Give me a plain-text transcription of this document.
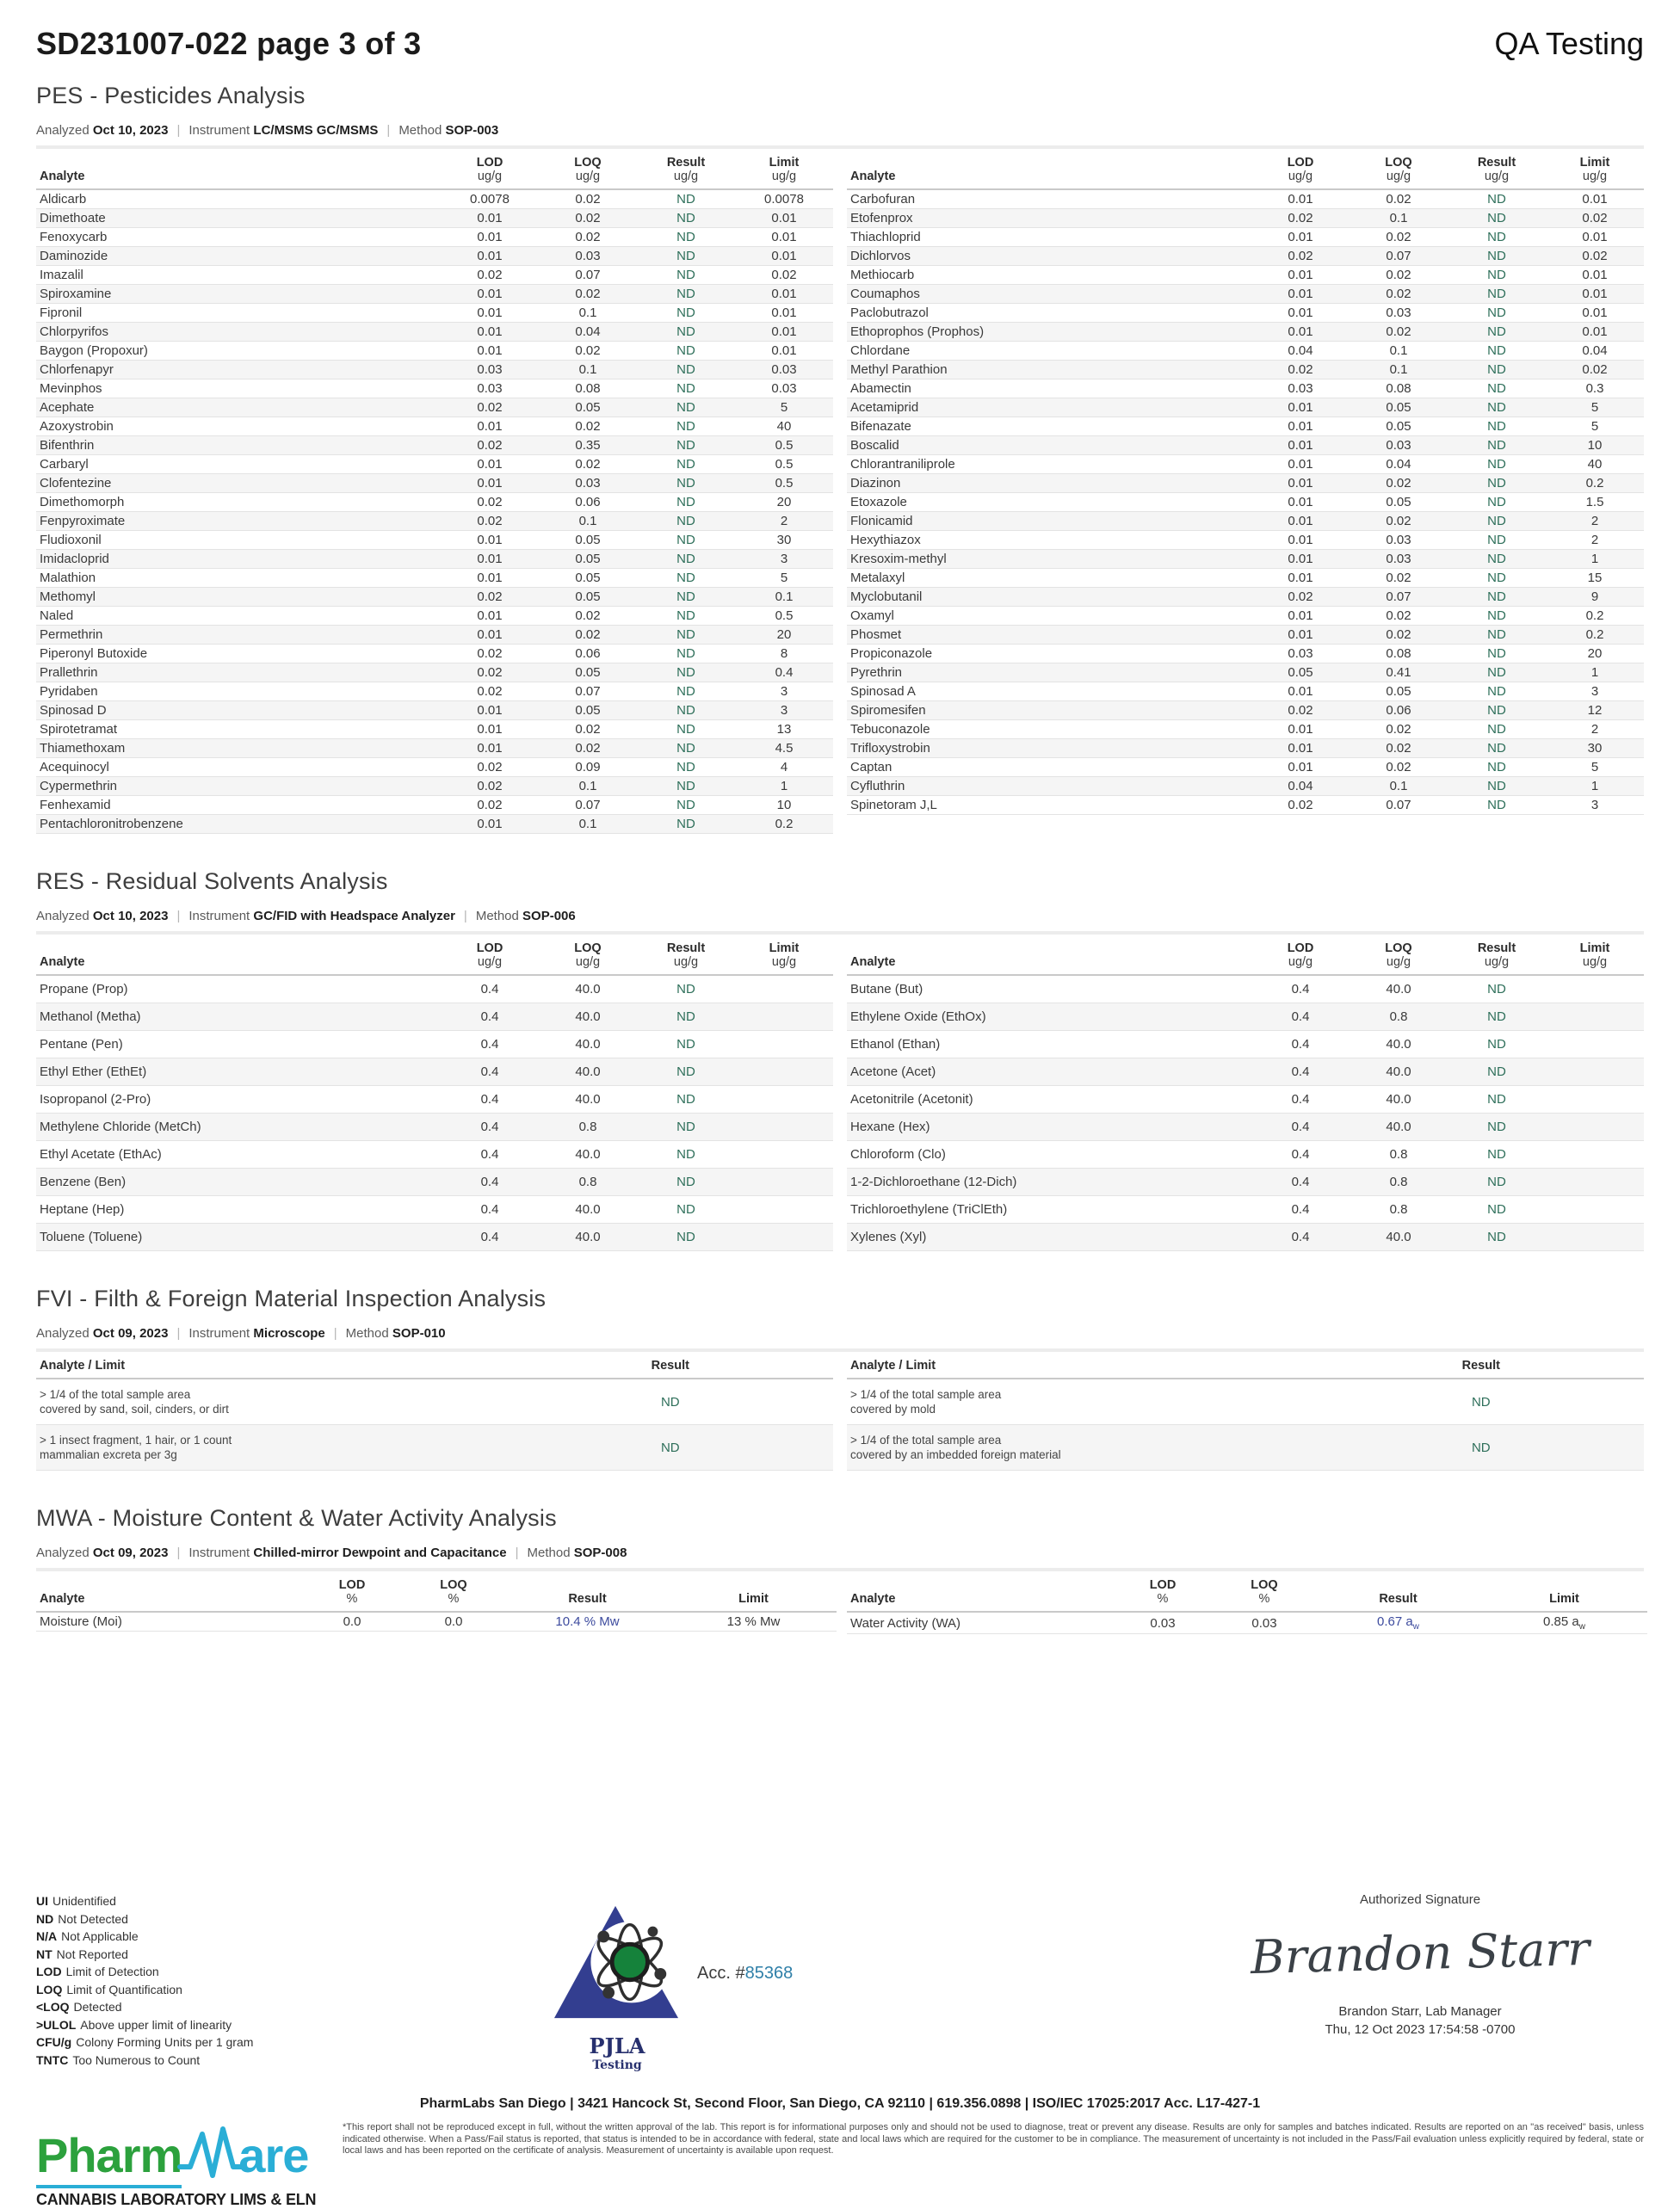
SD231007-022 page 3 of 3	QA Testing
PES - Pesticides Analysis
Analyzed Oct 10, 2023 | Instrument LC/MSMS GC/MSMS | Method SOP-003
Analyte	
LOD
ug/g

LOQ
ug/g

Result
ug/g

Limit
ug/g

Aldicarb	0.0078	0.02	ND	0.0078
Dimethoate	0.01	0.02	ND	0.01
Fenoxycarb	0.01	0.02	ND	0.01
Daminozide	0.01	0.03	ND	0.01
Imazalil	0.02	0.07	ND	0.02
Spiroxamine	0.01	0.02	ND	0.01
Fipronil	0.01	0.1	ND	0.01
Chlorpyrifos	0.01	0.04	ND	0.01
Baygon (Propoxur)	0.01	0.02	ND	0.01
Chlorfenapyr	0.03	0.1	ND	0.03
Mevinphos	0.03	0.08	ND	0.03
Acephate	0.02	0.05	ND	5
Azoxystrobin	0.01	0.02	ND	40
Bifenthrin	0.02	0.35	ND	0.5
Carbaryl	0.01	0.02	ND	0.5
Clofentezine	0.01	0.03	ND	0.5
Dimethomorph	0.02	0.06	ND	20
Fenpyroximate	0.02	0.1	ND	2
Fludioxonil	0.01	0.05	ND	30
Imidacloprid	0.01	0.05	ND	3
Malathion	0.01	0.05	ND	5
Methomyl	0.02	0.05	ND	0.1
Naled	0.01	0.02	ND	0.5
Permethrin	0.01	0.02	ND	20
Piperonyl Butoxide	0.02	0.06	ND	8
Prallethrin	0.02	0.05	ND	0.4
Pyridaben	0.02	0.07	ND	3
Spinosad D	0.01	0.05	ND	3
Spirotetramat	0.01	0.02	ND	13
Thiamethoxam	0.01	0.02	ND	4.5
Acequinocyl	0.02	0.09	ND	4
Cypermethrin	0.02	0.1	ND	1
Fenhexamid	0.02	0.07	ND	10
Pentachloronitrobenzene	0.01	0.1	ND	0.2
Analyte	
LOD
ug/g

LOQ
ug/g

Result
ug/g

Limit
ug/g

Carbofuran	0.01	0.02	ND	0.01
Etofenprox	0.02	0.1	ND	0.02
Thiachloprid	0.01	0.02	ND	0.01
Dichlorvos	0.02	0.07	ND	0.02
Methiocarb	0.01	0.02	ND	0.01
Coumaphos	0.01	0.02	ND	0.01
Paclobutrazol	0.01	0.03	ND	0.01
Ethoprophos (Prophos)	0.01	0.02	ND	0.01
Chlordane	0.04	0.1	ND	0.04
Methyl Parathion	0.02	0.1	ND	0.02
Abamectin	0.03	0.08	ND	0.3
Acetamiprid	0.01	0.05	ND	5
Bifenazate	0.01	0.05	ND	5
Boscalid	0.01	0.03	ND	10
Chlorantraniliprole	0.01	0.04	ND	40
Diazinon	0.01	0.02	ND	0.2
Etoxazole	0.01	0.05	ND	1.5
Flonicamid	0.01	0.02	ND	2
Hexythiazox	0.01	0.03	ND	2
Kresoxim-methyl	0.01	0.03	ND	1
Metalaxyl	0.01	0.02	ND	15
Myclobutanil	0.02	0.07	ND	9
Oxamyl	0.01	0.02	ND	0.2
Phosmet	0.01	0.02	ND	0.2
Propiconazole	0.03	0.08	ND	20
Pyrethrin	0.05	0.41	ND	1
Spinosad A	0.01	0.05	ND	3
Spiromesifen	0.02	0.06	ND	12
Tebuconazole	0.01	0.02	ND	2
Trifloxystrobin	0.01	0.02	ND	30
Captan	0.01	0.02	ND	5
Cyfluthrin	0.04	0.1	ND	1
Spinetoram J,L	0.02	0.07	ND	3
RES - Residual Solvents Analysis
Analyzed Oct 10, 2023 | Instrument GC/FID with Headspace Analyzer | Method SOP-006
Analyte	
LOD
ug/g

LOQ
ug/g

Result
ug/g

Limit
ug/g

Propane (Prop)	0.4	40.0	ND	
Methanol (Metha)	0.4	40.0	ND	
Pentane (Pen)	0.4	40.0	ND	
Ethyl Ether (EthEt)	0.4	40.0	ND	
Isopropanol (2-Pro)	0.4	40.0	ND	
Methylene Chloride (MetCh)	0.4	0.8	ND	
Ethyl Acetate (EthAc)	0.4	40.0	ND	
Benzene (Ben)	0.4	0.8	ND	
Heptane (Hep)	0.4	40.0	ND	
Toluene (Toluene)	0.4	40.0	ND	
Analyte	
LOD
ug/g

LOQ
ug/g

Result
ug/g

Limit
ug/g

Butane (But)	0.4	40.0	ND	
Ethylene Oxide (EthOx)	0.4	0.8	ND	
Ethanol (Ethan)	0.4	40.0	ND	
Acetone (Acet)	0.4	40.0	ND	
Acetonitrile (Acetonit)	0.4	40.0	ND	
Hexane (Hex)	0.4	40.0	ND	
Chloroform (Clo)	0.4	0.8	ND	
1-2-Dichloroethane (12-Dich)	0.4	0.8	ND	
Trichloroethylene (TriClEth)	0.4	0.8	ND	
Xylenes (Xyl)	0.4	40.0	ND	
FVI - Filth & Foreign Material Inspection Analysis
Analyzed Oct 09, 2023 | Instrument Microscope | Method SOP-010
Analyte / Limit	Result

> 1/4 of the total sample area
covered by sand, soil, cinders, or dirt	ND

> 1 insect fragment, 1 hair, or 1 count
mammalian excreta per 3g	ND
Analyte / Limit	Result

> 1/4 of the total sample area
covered by mold	ND

> 1/4 of the total sample area
covered by an imbedded foreign material	ND
MWA - Moisture Content & Water Activity Analysis
Analyzed Oct 09, 2023 | Instrument Chilled-mirror Dewpoint and Capacitance | Method SOP-008
Analyte	
LOD
%

LOQ
%	Result	Limit
Moisture (Moi)	0.0	0.0	10.4 % Mw	13 % Mw
Analyte	
LOD
%

LOQ
%	Result	Limit
Water Activity (WA)	0.03	0.03	0.67 $a_w$	0.85 $a_w$
UI Unidentified
ND Not Detected
N/A Not Applicable
NT Not Reported
LOD Limit of Detection
LOQ Limit of Quantification
<LOQ Detected
>ULOL Above upper limit of linearity
CFU/g Colony Forming Units per 1 gram
TNTC Too Numerous to Count
PJLA
Testing
Acc. #85368
Authorized Signature
Brandon Starr
Brandon Starr, Lab Manager
Thu, 12 Oct 2023 17:54:58 -0700
PharmLabs San Diego | 3421 Hancock St, Second Floor, San Diego, CA 92110 | 619.356.0898 | ISO/IEC 17025:2017 Acc. L17-427-1
Pharm are
CANNABIS LABORATORY LIMS & ELN
*This report shall not be reproduced except in full, without the written approval of the lab. This report is for informational purposes only and should not be used to diagnose, treat or prevent any disease. Results are only for samples and batches indicated. Results are reported on an "as received" basis, unless indicated otherwise. When a Pass/Fail status is reported, that status is intended to be in accordance with federal, state and local laws which are required for the customer to be in compliance. The measurement of uncertainty is not included in the Pass/Fail evaluation unless explicitly required by federal, state or local laws and has been reported on the certificate of analysis. Measurement of uncertainty is available upon request.
